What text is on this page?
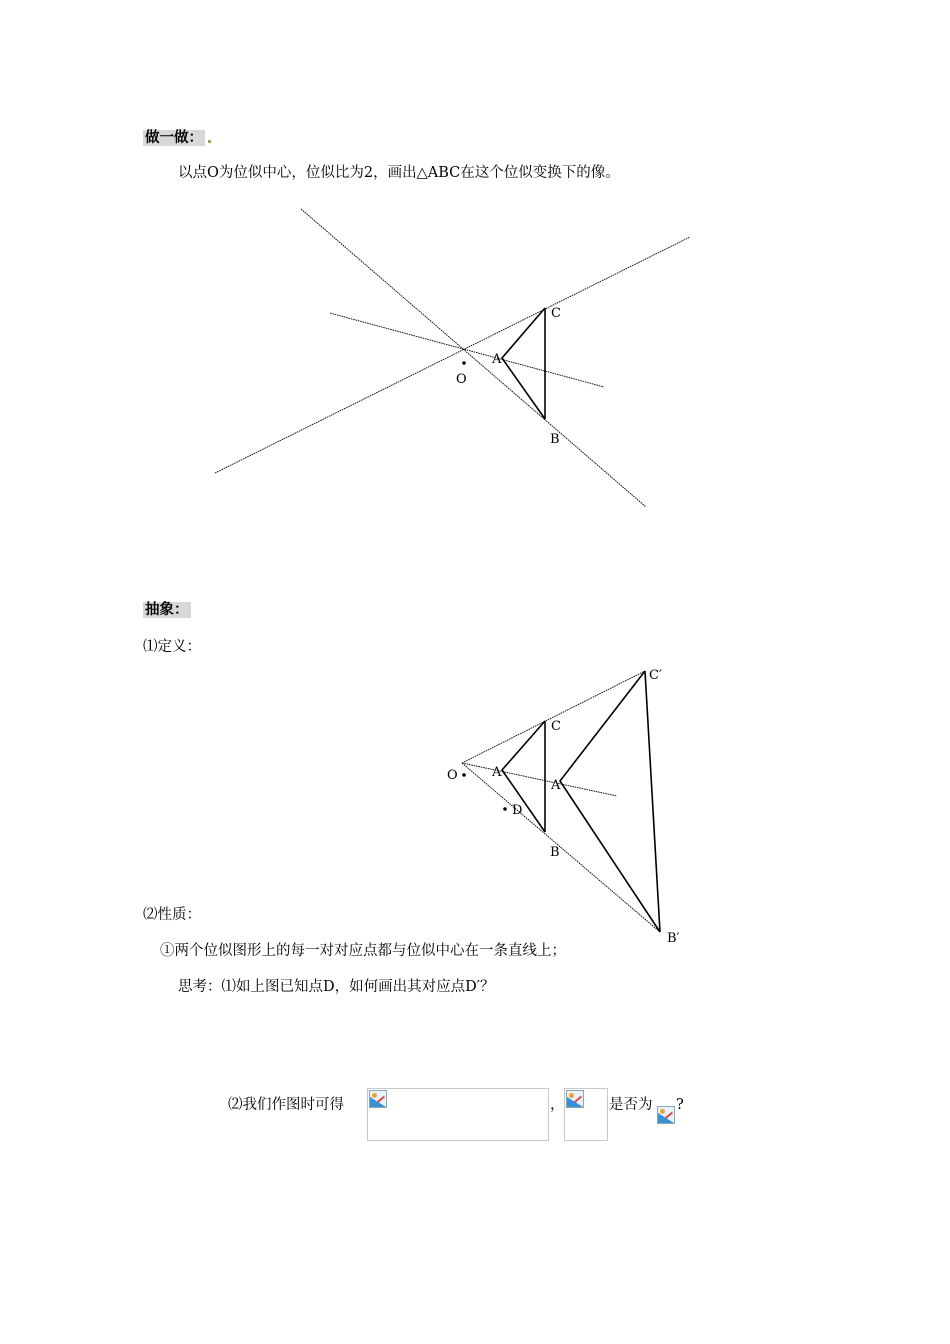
做一做：
以点O为位似中心，位似比为2，画出△ABC在这个位似变换下的像。
C
A
O
B
抽象：
⑴定义：
C′
C
O	A
A
D
B
B′
⑵性质：
①两个位似图形上的每一对对应点都与位似中心在一条直线上；
思考：⑴如上图已知点D，如何画出其对应点D′？
⑵我们作图时可得	，	是否为 ?
